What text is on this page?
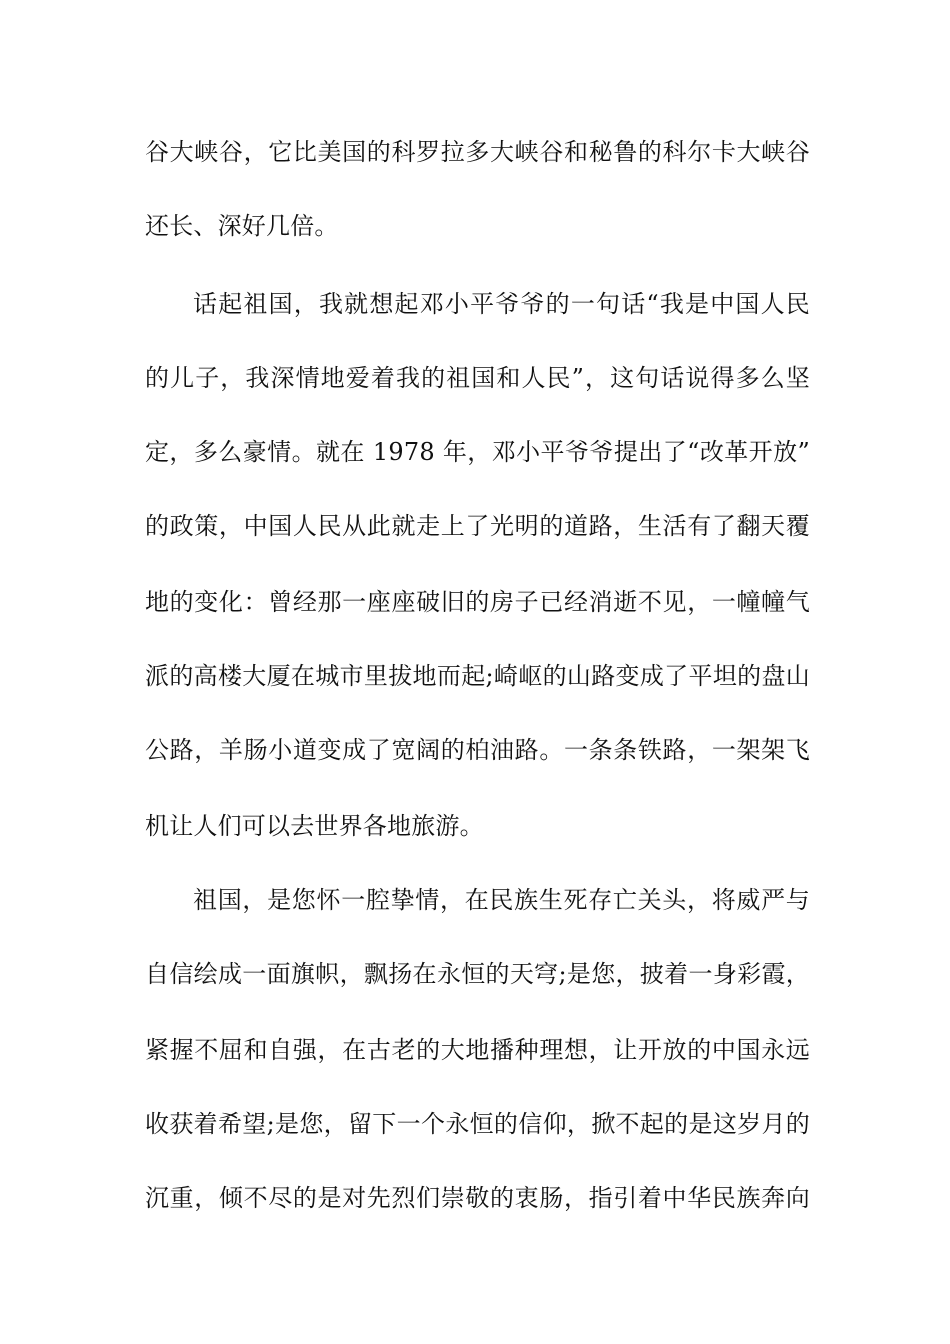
谷大峡谷，它比美国的科罗拉多大峡谷和秘鲁的科尔卡大峡谷
还长、深好几倍。
话起祖国，我就想起邓小平爷爷的一句话“我是中国人民
的儿子，我深情地爱着我的祖国和人民”，这句话说得多么坚
定，多么豪情。就在 1978 年，邓小平爷爷提出了“改革开放”
的政策，中国人民从此就走上了光明的道路，生活有了翻天覆
地的变化：曾经那一座座破旧的房子已经消逝不见，一幢幢气
派的高楼大厦在城市里拔地而起;崎岖的山路变成了平坦的盘山
公路，羊肠小道变成了宽阔的柏油路。一条条铁路，一架架飞
机让人们可以去世界各地旅游。
祖国，是您怀一腔挚情，在民族生死存亡关头，将威严与
自信绘成一面旗帜，飘扬在永恒的天穹;是您，披着一身彩霞，
紧握不屈和自强，在古老的大地播种理想，让开放的中国永远
收获着希望;是您，留下一个永恒的信仰，掀不起的是这岁月的
沉重，倾不尽的是对先烈们崇敬的衷肠，指引着中华民族奔向
